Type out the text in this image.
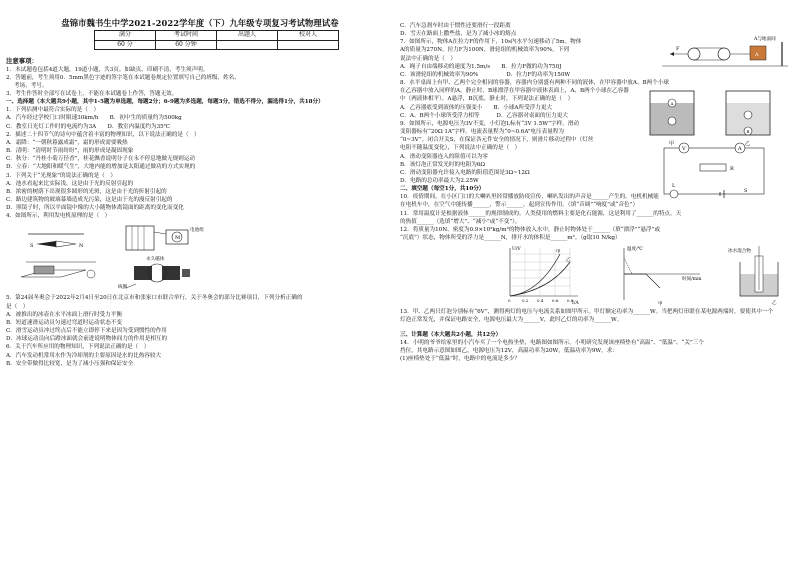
盘锦市魏书生中学2021-2022学年度（下）九年级专项复习考试物理试卷
满分	考试时间	出题人	校对人
60 分	60 分钟		
注意事项：
1．本试题卷包括4道大题，19道小题，共3页。如缺页、印刷不清，考生须声明。
2．答题前，考生须用0．5mm黑色字迹的签字笔在本试题卷规定位置填写自己的班级、姓名、
考场、考号。
3．考生作答时全部写在试卷上，不能在本试题卷上作答，答题无效。
一、选择题（本大题共9小题，其中1-5题为单选题，每题2分；6-9题为多选题，每题3分，错选不得分，漏选得1分，共18分）
1．下列估测中最符合实际的是（　）
A．汽车经过学校门口时限速30km/h　　B．初中生的质量约为500kg
C．教室日光灯工作时的电流约为3A　　D．教室内温度约为35℃
2．描述二十四节气的诗句中蕴含着丰富的物理知识，以下说法正确的是（　）
A．霜降：“一朝秋暮露成霜”，霜的形成需要吸热
B．清明：“清明时节雨纷纷”，雨的形成是凝固现象
C．秋分：“丹桂小菊万径香”，桂花飘香说明分子在永不停息地做无规则运动
D．立春：“大地阳和暖气生”，大地内能的增加是太阳通过做功的方式实现的
3．下列关于“光现象”的说法正确的是（　）
A．池水看起来比实际浅，这是由于光的反射引起的
B．浓密的树荫下出现很多圆形的光斑，这是由于光的折射引起的
C．路边建筑物的玻璃幕墙造成光污染，这是由于光的漫反射引起的
D．照镜子时，所以平面镜中像的大小随物体离镜面的距离的变化而变化
4．如图所示，利用发电机原理的是（　）
S	N
M
电池组
永久磁体
线圈
5．第24届冬奥会于2022年2月4日至20日在北京市和张家口市联合举行，关于冬奥会的部分比赛项目，下列分析正确的
是（　）
A．被推出的冰壶在水平冰面上滑行时受力平衡
B．短道速滑运动员匀速过弯道时运动状态不变
C．滑雪运动员冲过终点后不能立即停下来是因为受到惯性的作用
D．冰球运动员向后蹬冰面就会前进说明物体间力的作用是相互的
6．关于汽车所应用的物理知识，下列说法正确的是（　）
A．汽车发动机常用水作为冷却剂的主要原因是水的比热容较大
B．安全带做得比较宽，是为了减小压强和保证安全
C．汽车急刹车时由于惯性还要滑行一段距离
D．雪天在路面上撒些盐，是为了减小冰的熔点
7．如图所示，物体A在拉力F的作用下，10s内水平匀速移动了5m。物体
A的质量为270N，拉力F为100N，滑轮组的机械效率为90%，下列
说法中正确的是（　）
A．绳子自由端移动的速度为1.5m/s　　B．拉力F做的功为750J
C．该滑轮组的机械效率为90%　　　　　D．拉力F的功率为150W
A与地面间
F
A
8．水平桌面上有甲、乙两个完全相同的容器，容器内分别盛有两种不同的液体，在甲容器中放A、B两个小球
在乙容器中放入同样的A，静止时，B球漂浮在甲容器中液体表面上，A、B两个小球在乙容器
中（两液体相平），A悬浮，B沉底。静止时，下列说法正确的是（　）
A．乙容器底受到液体的压强变小　　B．小球A所受浮力更大
C．A、B两个小球所受浮力相等　　　D．乙容器对桌面的压力更大
A
B
甲	乙
9．如图所示，电源电压为3V不变，小灯泡L标有“3V 1.5W”字样，滑动
变阻器标有“20Ω 1A”字样。电流表量程为“0~0.6A”电压表量程为
“0~3V”。闭合开关S，在保证各元件安全的情况下，则滑片移动过程中（灯丝
电阻不随温度变化），下列说法中正确的是（　）
A．滑动变阻器连入的阻值可以为零
B．该灯泡正常发光时的电阻为6Ω
C．滑动变阻器允许接入电路的阻值范围是3Ω~12Ω
D．电路的总功率最大为2.25W
V	A
R
L
S
二、填空题（每空1分，共10分）
10．疫情期间，在小区门口的大喇叭里经常播放防疫宣传，喇叭发出的声音是______产生的。电机机械能
在电机车中，在空气中能传播______，警示______，起到宣传作用。（填“音调”“响度”或“音色”）
11．常用温度计是根据液体______的规律制成的。人类使用的燃料主要是化石能源，这是利用了______的特点。天
的热值______（选填“增大”、“减小”或“不变”）。
12．将质量为10N、密度为0.9×10³kg/m³的物体放入水中，静止时物体处于______（填“漂浮”“悬浮”或
“沉底”）状态，物体所受的浮力是______N，排开水的体积是______m³。（g取10 N/kg）
U/V
I/A
甲
乙
0	0.2 0.4 0.6 0.8
温度/℃
时间/min
甲
冰水混合物
乙
13．甲、乙两只灯泡分别标有“6V”，测得两灯的电压与电流关系如图甲所示。甲灯额定功率为______W。当把两灯串联在某电源两端时，要使其中一个
灯泡正常发光，并保证电路安全，电源电压最大为______V，此时乙灯的功率为______W。
三、计算题（本大题共2小题，共12分）
14．小明的爷爷给家里的小汽车买了一个电热坐垫，电路图如图所示。小明研究发现该座椅垫有“高温”、“低温”、“关”三个
挡位，其电路示意图如图乙，电源电压为12V，高温功率为20W，低温功率为9W。求：
(1)座椅垫处于“低温”时，电路中的电流是多少？
